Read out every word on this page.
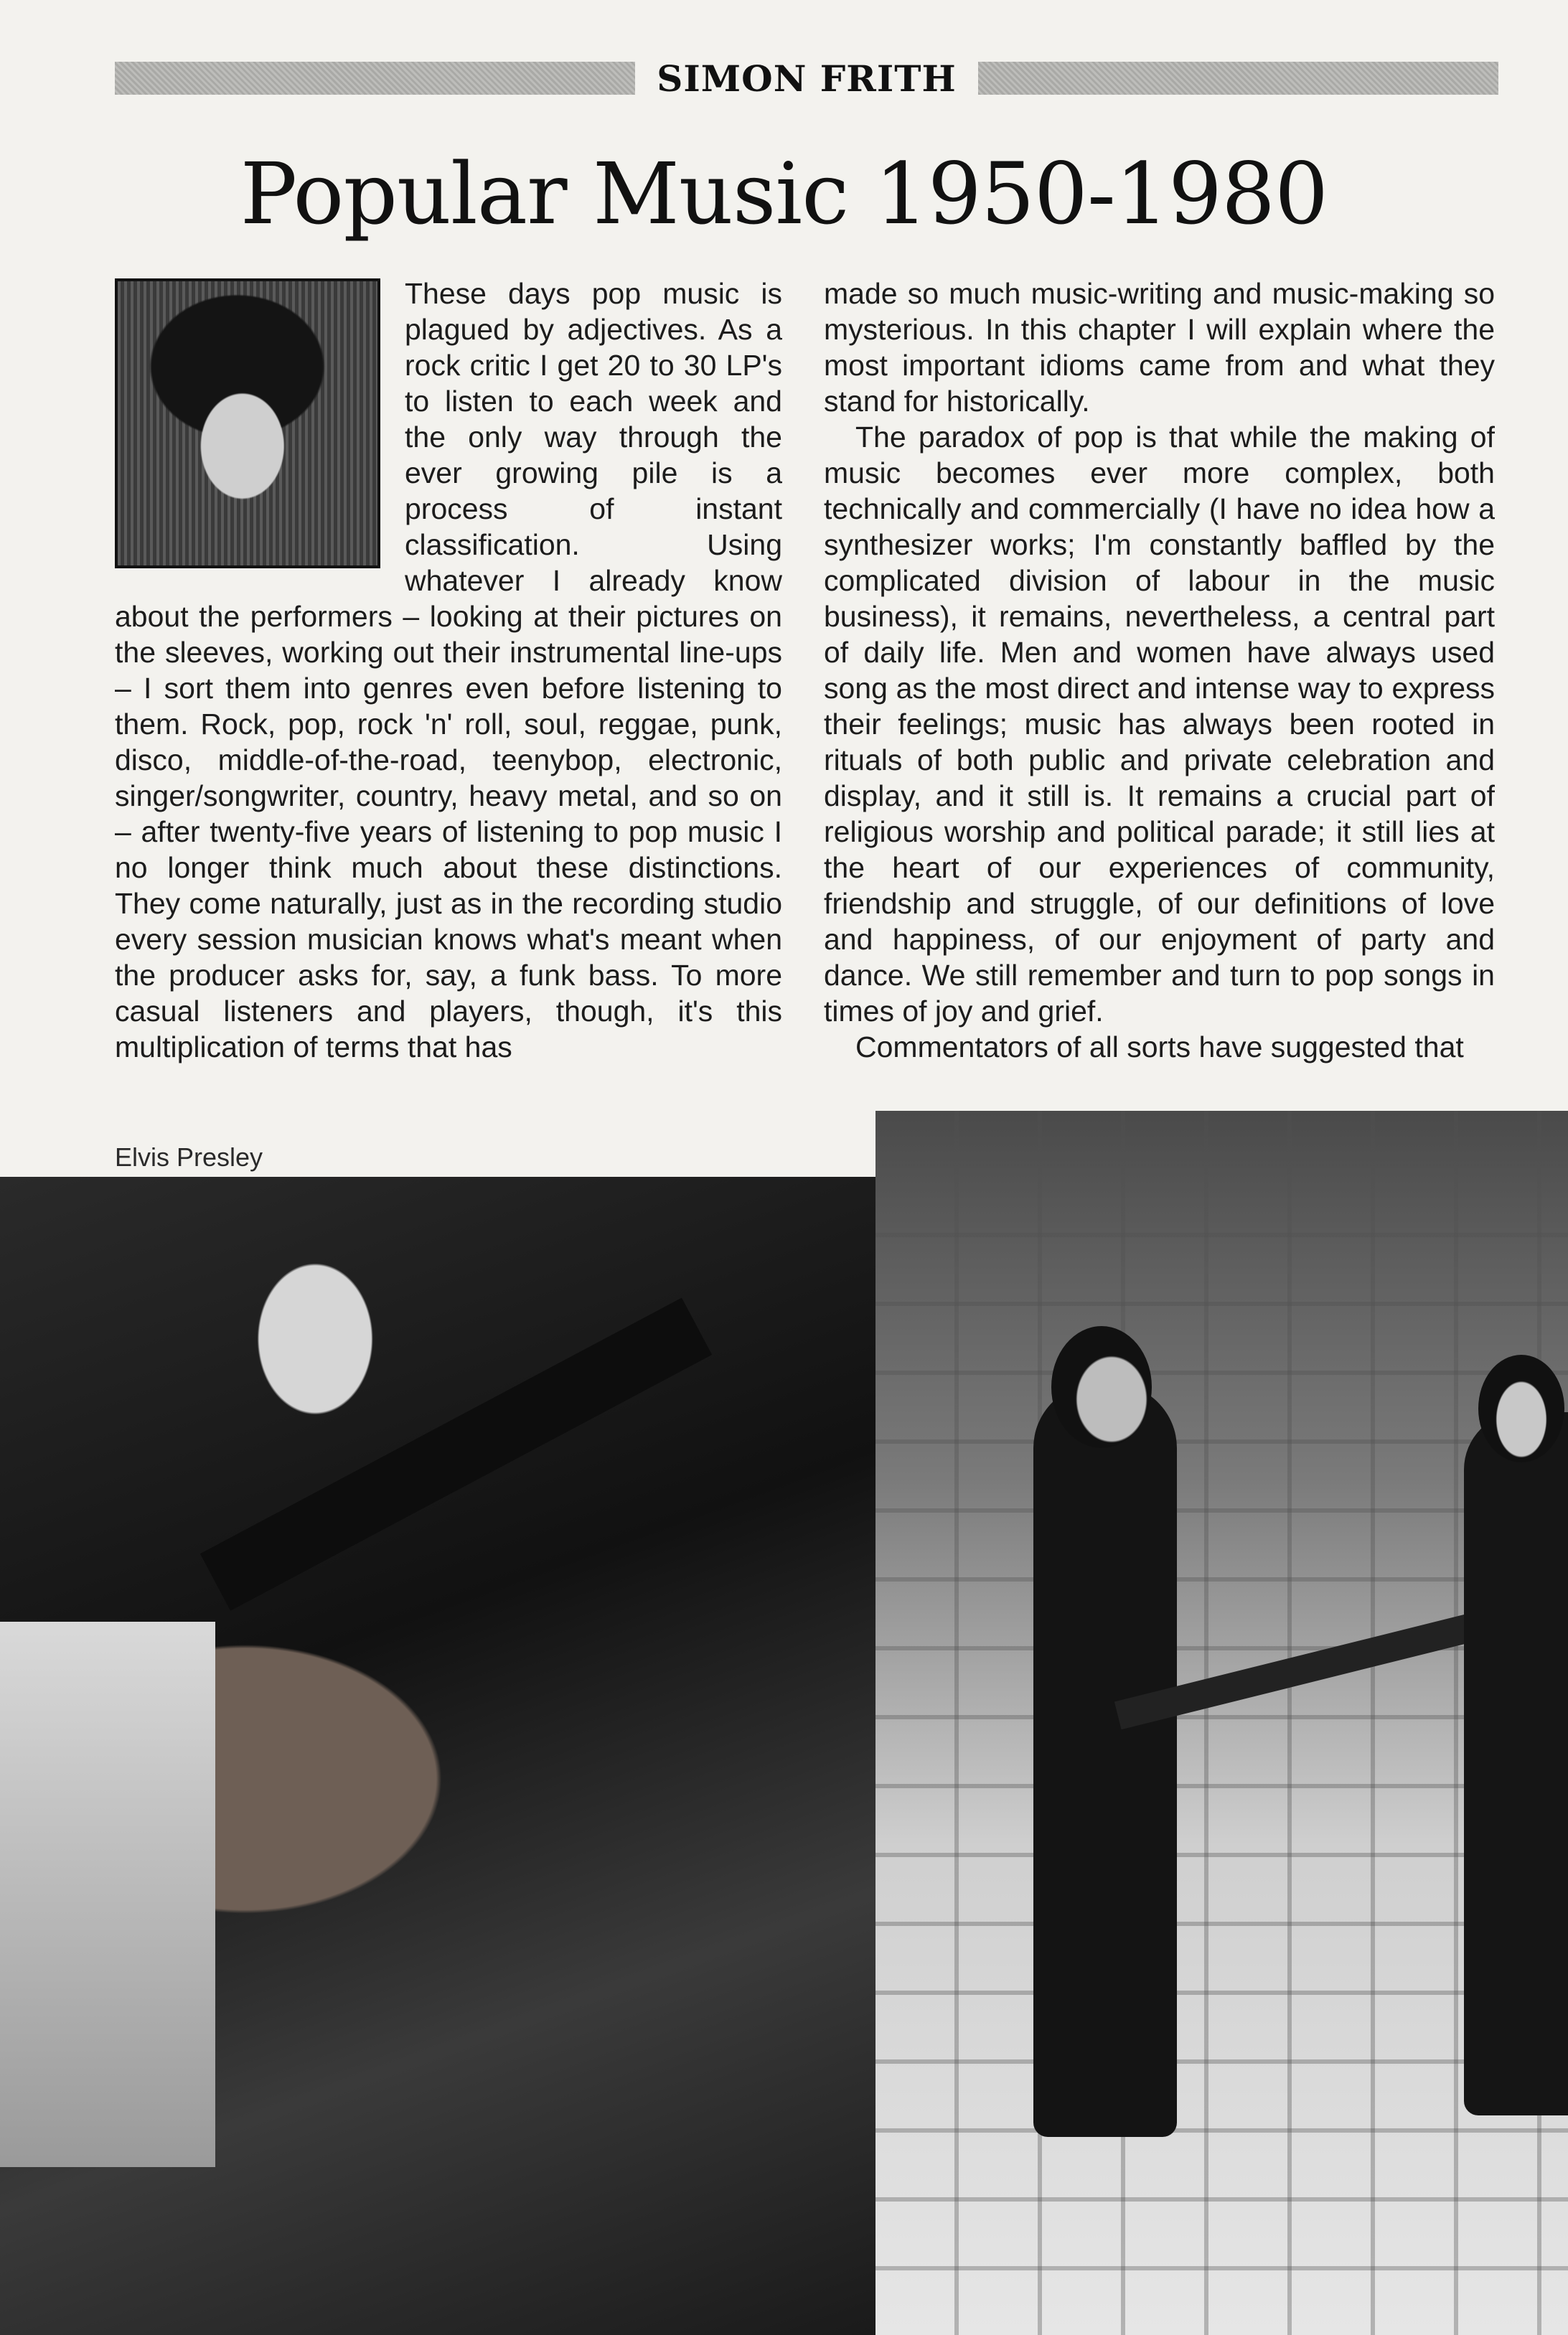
SIMON FRITH
Popular Music 1950-1980

These days pop music is plagued by adjectives. As a rock critic I get 20 to 30 LP's to listen to each week and the only way through the ever growing pile is a process of instant classification. Using whatever I already know about the performers – looking at their pictures on the sleeves, working out their instrumental line-ups – I sort them into genres even before listening to them. Rock, pop, rock 'n' roll, soul, reggae, punk, disco, middle-of-the-road, teenybop, electronic, singer/songwriter, country, heavy metal, and so on – after twenty-five years of listening to pop music I no longer think much about these distinctions. They come naturally, just as in the recording studio every session musician knows what's meant when the producer asks for, say, a funk bass. To more casual listeners and players, though, it's this multiplication of terms that has

made so much music-writing and music-making so mysterious. In this chapter I will explain where the most important idioms came from and what they stand for historically.

The paradox of pop is that while the making of music becomes ever more complex, both technically and commercially (I have no idea how a synthesizer works; I'm constantly baffled by the complicated division of labour in the music business), it remains, nevertheless, a central part of daily life. Men and women have always used song as the most direct and intense way to express their feelings; music has always been rooted in rituals of both public and private celebration and display, and it still is. It remains a crucial part of religious worship and political parade; it still lies at the heart of our experiences of community, friendship and struggle, of our definitions of love and happiness, of our enjoyment of party and dance. We still remember and turn to pop songs in times of joy and grief.

Commentators of all sorts have suggested that

Elvis Presley
